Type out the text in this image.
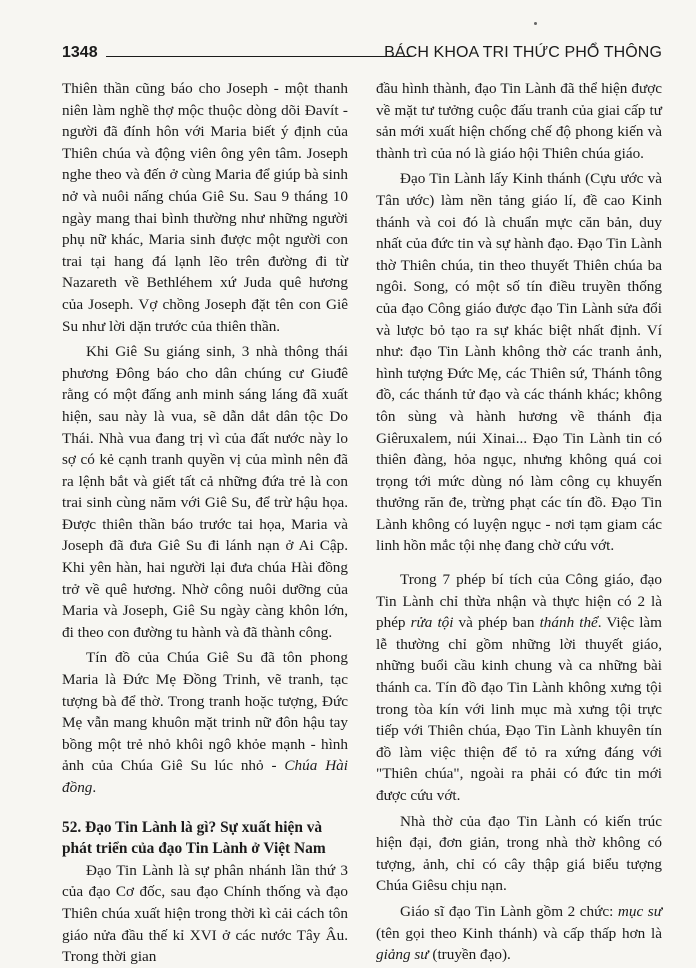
1348	BÁCH KHOA TRI THỨC PHỔ THÔNG

Thiên thần cũng báo cho Joseph - một thanh niên làm nghề thợ mộc thuộc dòng dõi Đavít - người đã đính hôn với Maria biết ý định của Thiên chúa và động viên ông yên tâm. Joseph nghe theo và đến ở cùng Maria để giúp bà sinh nở và nuôi nấng chúa Giê Su. Sau 9 tháng 10 ngày mang thai bình thường như những người phụ nữ khác, Maria sinh được một người con trai tại hang đá lạnh lẽo trên đường đi từ Nazareth về Bethléhem xứ Juda quê hương của Joseph. Vợ chồng Joseph đặt tên con Giê Su như lời dặn trước của thiên thần.

Khi Giê Su giáng sinh, 3 nhà thông thái phương Đông báo cho dân chúng cư Giuđê rằng có một đấng anh minh sáng láng đã xuất hiện, sau này là vua, sẽ dẫn dắt dân tộc Do Thái. Nhà vua đang trị vì của đất nước này lo sợ có kẻ cạnh tranh quyền vị của mình nên đã ra lệnh bắt và giết tất cả những đứa trẻ là con trai sinh cùng năm với Giê Su, để trừ hậu họa. Được thiên thần báo trước tai họa, Maria và Joseph đã đưa Giê Su đi lánh nạn ở Ai Cập. Khi yên hàn, hai người lại đưa chúa Hài đồng trở về quê hương. Nhờ công nuôi dưỡng của Maria và Joseph, Giê Su ngày càng khôn lớn, đi theo con đường tu hành và đã thành công.

Tín đồ của Chúa Giê Su đã tôn phong Maria là Đức Mẹ Đồng Trinh, vẽ tranh, tạc tượng bà để thờ. Trong tranh hoặc tượng, Đức Mẹ vẫn mang khuôn mặt trinh nữ đôn hậu tay bồng một trẻ nhỏ khôi ngô khỏe mạnh - hình ảnh của Chúa Giê Su lúc nhỏ - Chúa Hài đồng.

52. Đạo Tin Lành là gì? Sự xuất hiện và phát triển của đạo Tin Lành ở Việt Nam

Đạo Tin Lành là sự phân nhánh lần thứ 3 của đạo Cơ đốc, sau đạo Chính thống và đạo Thiên chúa xuất hiện trong thời kì cải cách tôn giáo nửa đầu thế kỉ XVI ở các nước Tây Âu. Trong thời gian

đầu hình thành, đạo Tin Lành đã thể hiện được về mặt tư tưởng cuộc đấu tranh của giai cấp tư sản mới xuất hiện chống chế độ phong kiến và thành trì của nó là giáo hội Thiên chúa giáo.

Đạo Tin Lành lấy Kinh thánh (Cựu ước và Tân ước) làm nền tảng giáo lí, đề cao Kinh thánh và coi đó là chuẩn mực căn bản, duy nhất của đức tin và sự hành đạo. Đạo Tin Lành thờ Thiên chúa, tin theo thuyết Thiên chúa ba ngôi. Song, có một số tín điều truyền thống của đạo Công giáo được đạo Tin Lành sửa đổi và lược bỏ tạo ra sự khác biệt nhất định. Ví như: đạo Tin Lành không thờ các tranh ảnh, hình tượng Đức Mẹ, các Thiên sứ, Thánh tông đồ, các thánh tử đạo và các thánh khác; không tôn sùng và hành hương về thánh địa Giêruxalem, núi Xinai... Đạo Tin Lành tin có thiên đàng, hỏa ngục, nhưng không quá coi trọng tới mức dùng nó làm công cụ khuyến thưởng răn đe, trừng phạt các tín đồ. Đạo Tin Lành không có luyện ngục - nơi tạm giam các linh hồn mắc tội nhẹ đang chờ cứu vớt.

Trong 7 phép bí tích của Công giáo, đạo Tin Lành chỉ thừa nhận và thực hiện có 2 là phép rửa tội và phép ban thánh thể. Việc làm lễ thường chỉ gồm những lời thuyết giáo, những buổi cầu kinh chung và ca những bài thánh ca. Tín đồ đạo Tin Lành không xưng tội trong tòa kín với linh mục mà xưng tội trực tiếp với Thiên chúa, Đạo Tin Lành khuyên tín đồ làm việc thiện để tỏ ra xứng đáng với "Thiên chúa", ngoài ra phải có đức tin mới được cứu vớt.

Nhà thờ của đạo Tin Lành có kiến trúc hiện đại, đơn giản, trong nhà thờ không có tượng, ảnh, chỉ có cây thập giá biểu tượng Chúa Giêsu chịu nạn.

Giáo sĩ đạo Tin Lành gồm 2 chức: mục sư (tên gọi theo Kinh thánh) và cấp thấp hơn là giảng sư (truyền đạo).
